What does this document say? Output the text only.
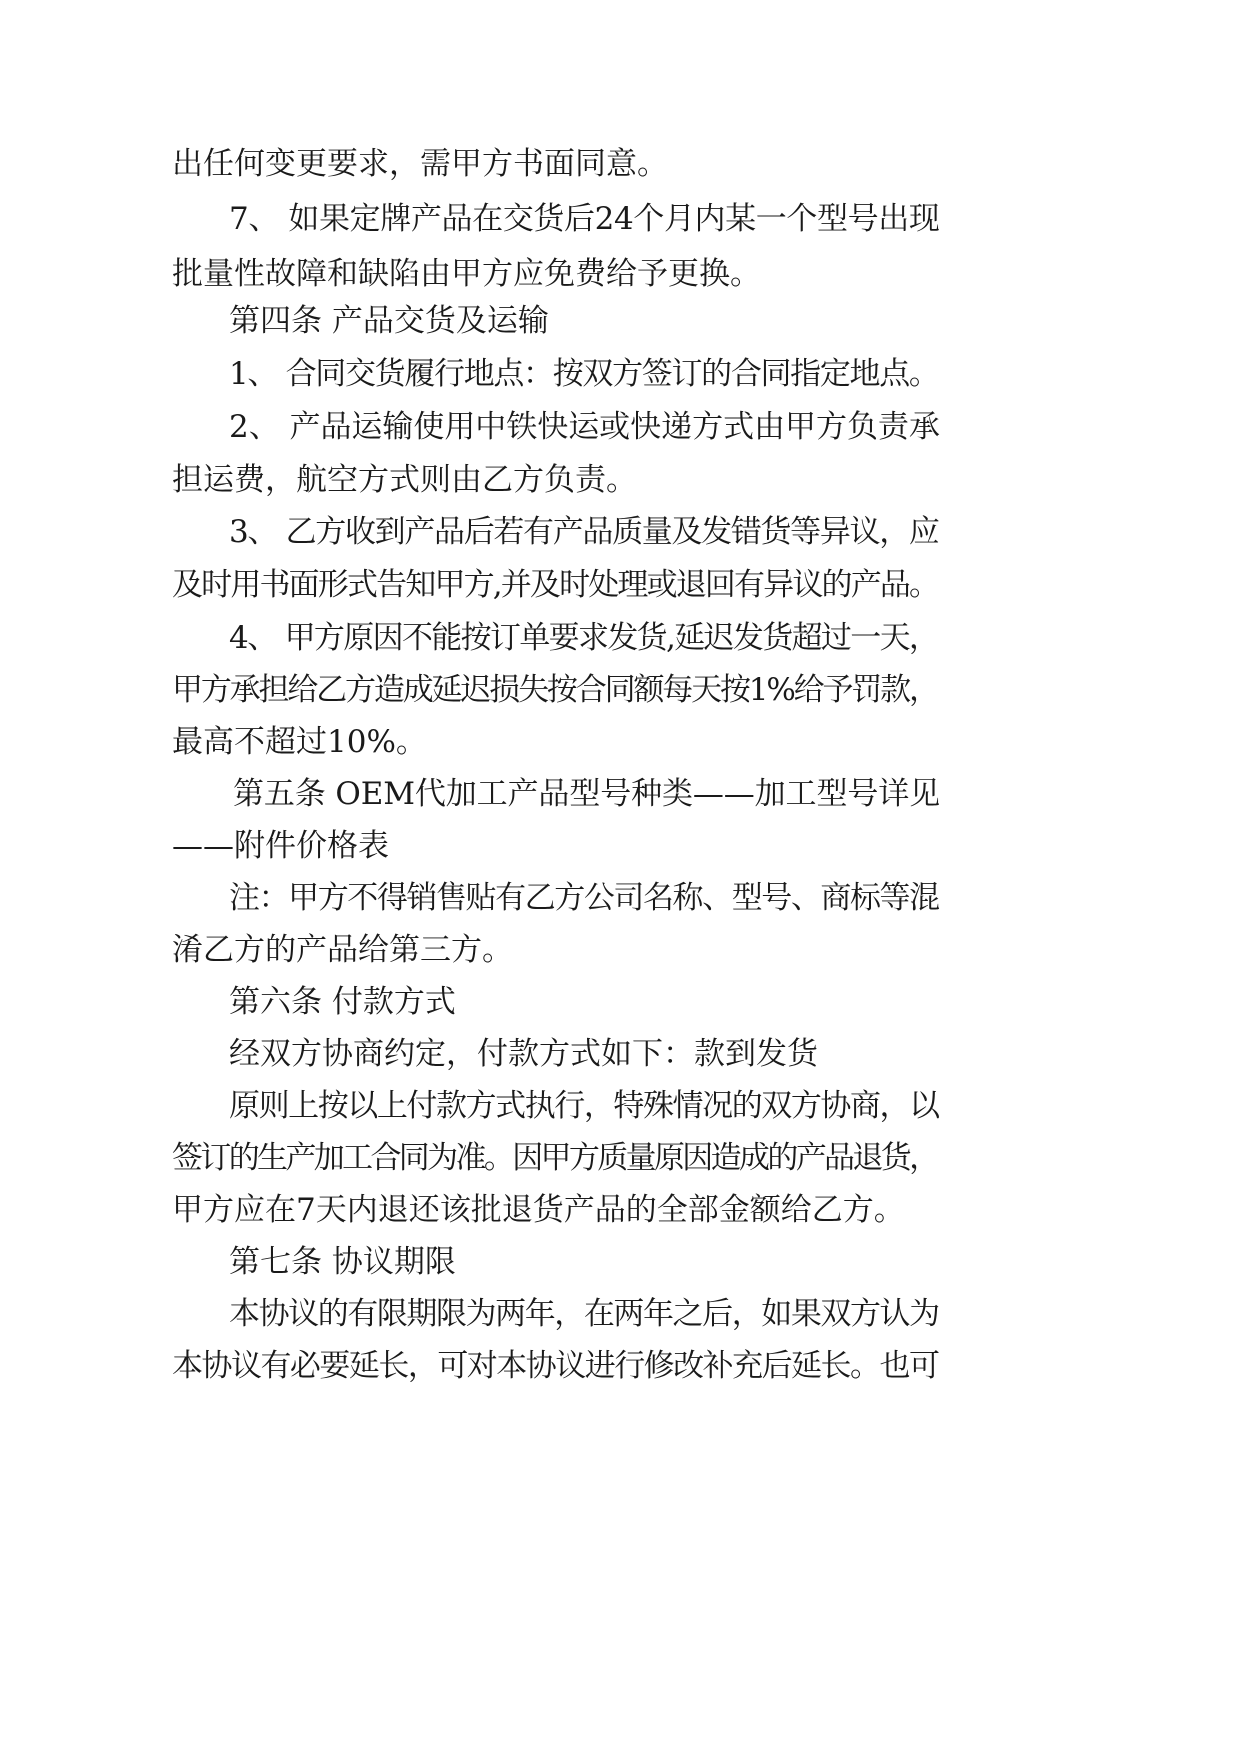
出任何变更要求，需甲方书面同意。
7、 如果定牌产品在交货后24个月内某一个型号出现
批量性故障和缺陷由甲方应免费给予更换。
第四条 产品交货及运输
1、 合同交货履行地点：按双方签订的合同指定地点。
2、 产品运输使用中铁快运或快递方式由甲方负责承
担运费，航空方式则由乙方负责。
3、 乙方收到产品后若有产品质量及发错货等异议，应
及时用书面形式告知甲方,并及时处理或退回有异议的产品。
4、 甲方原因不能按订单要求发货,延迟发货超过一天，
甲方承担给乙方造成延迟损失按合同额每天按1%给予罚款，
最高不超过10%。
第五条 OEM代加工产品型号种类——加工型号详见
——附件价格表
注：甲方不得销售贴有乙方公司名称、型号、商标等混
淆乙方的产品给第三方。
第六条 付款方式
经双方协商约定，付款方式如下：款到发货
原则上按以上付款方式执行，特殊情况的双方协商，以
签订的生产加工合同为准。因甲方质量原因造成的产品退货，
甲方应在7天内退还该批退货产品的全部金额给乙方。
第七条 协议期限
本协议的有限期限为两年，在两年之后，如果双方认为
本协议有必要延长，可对本协议进行修改补充后延长。也可
